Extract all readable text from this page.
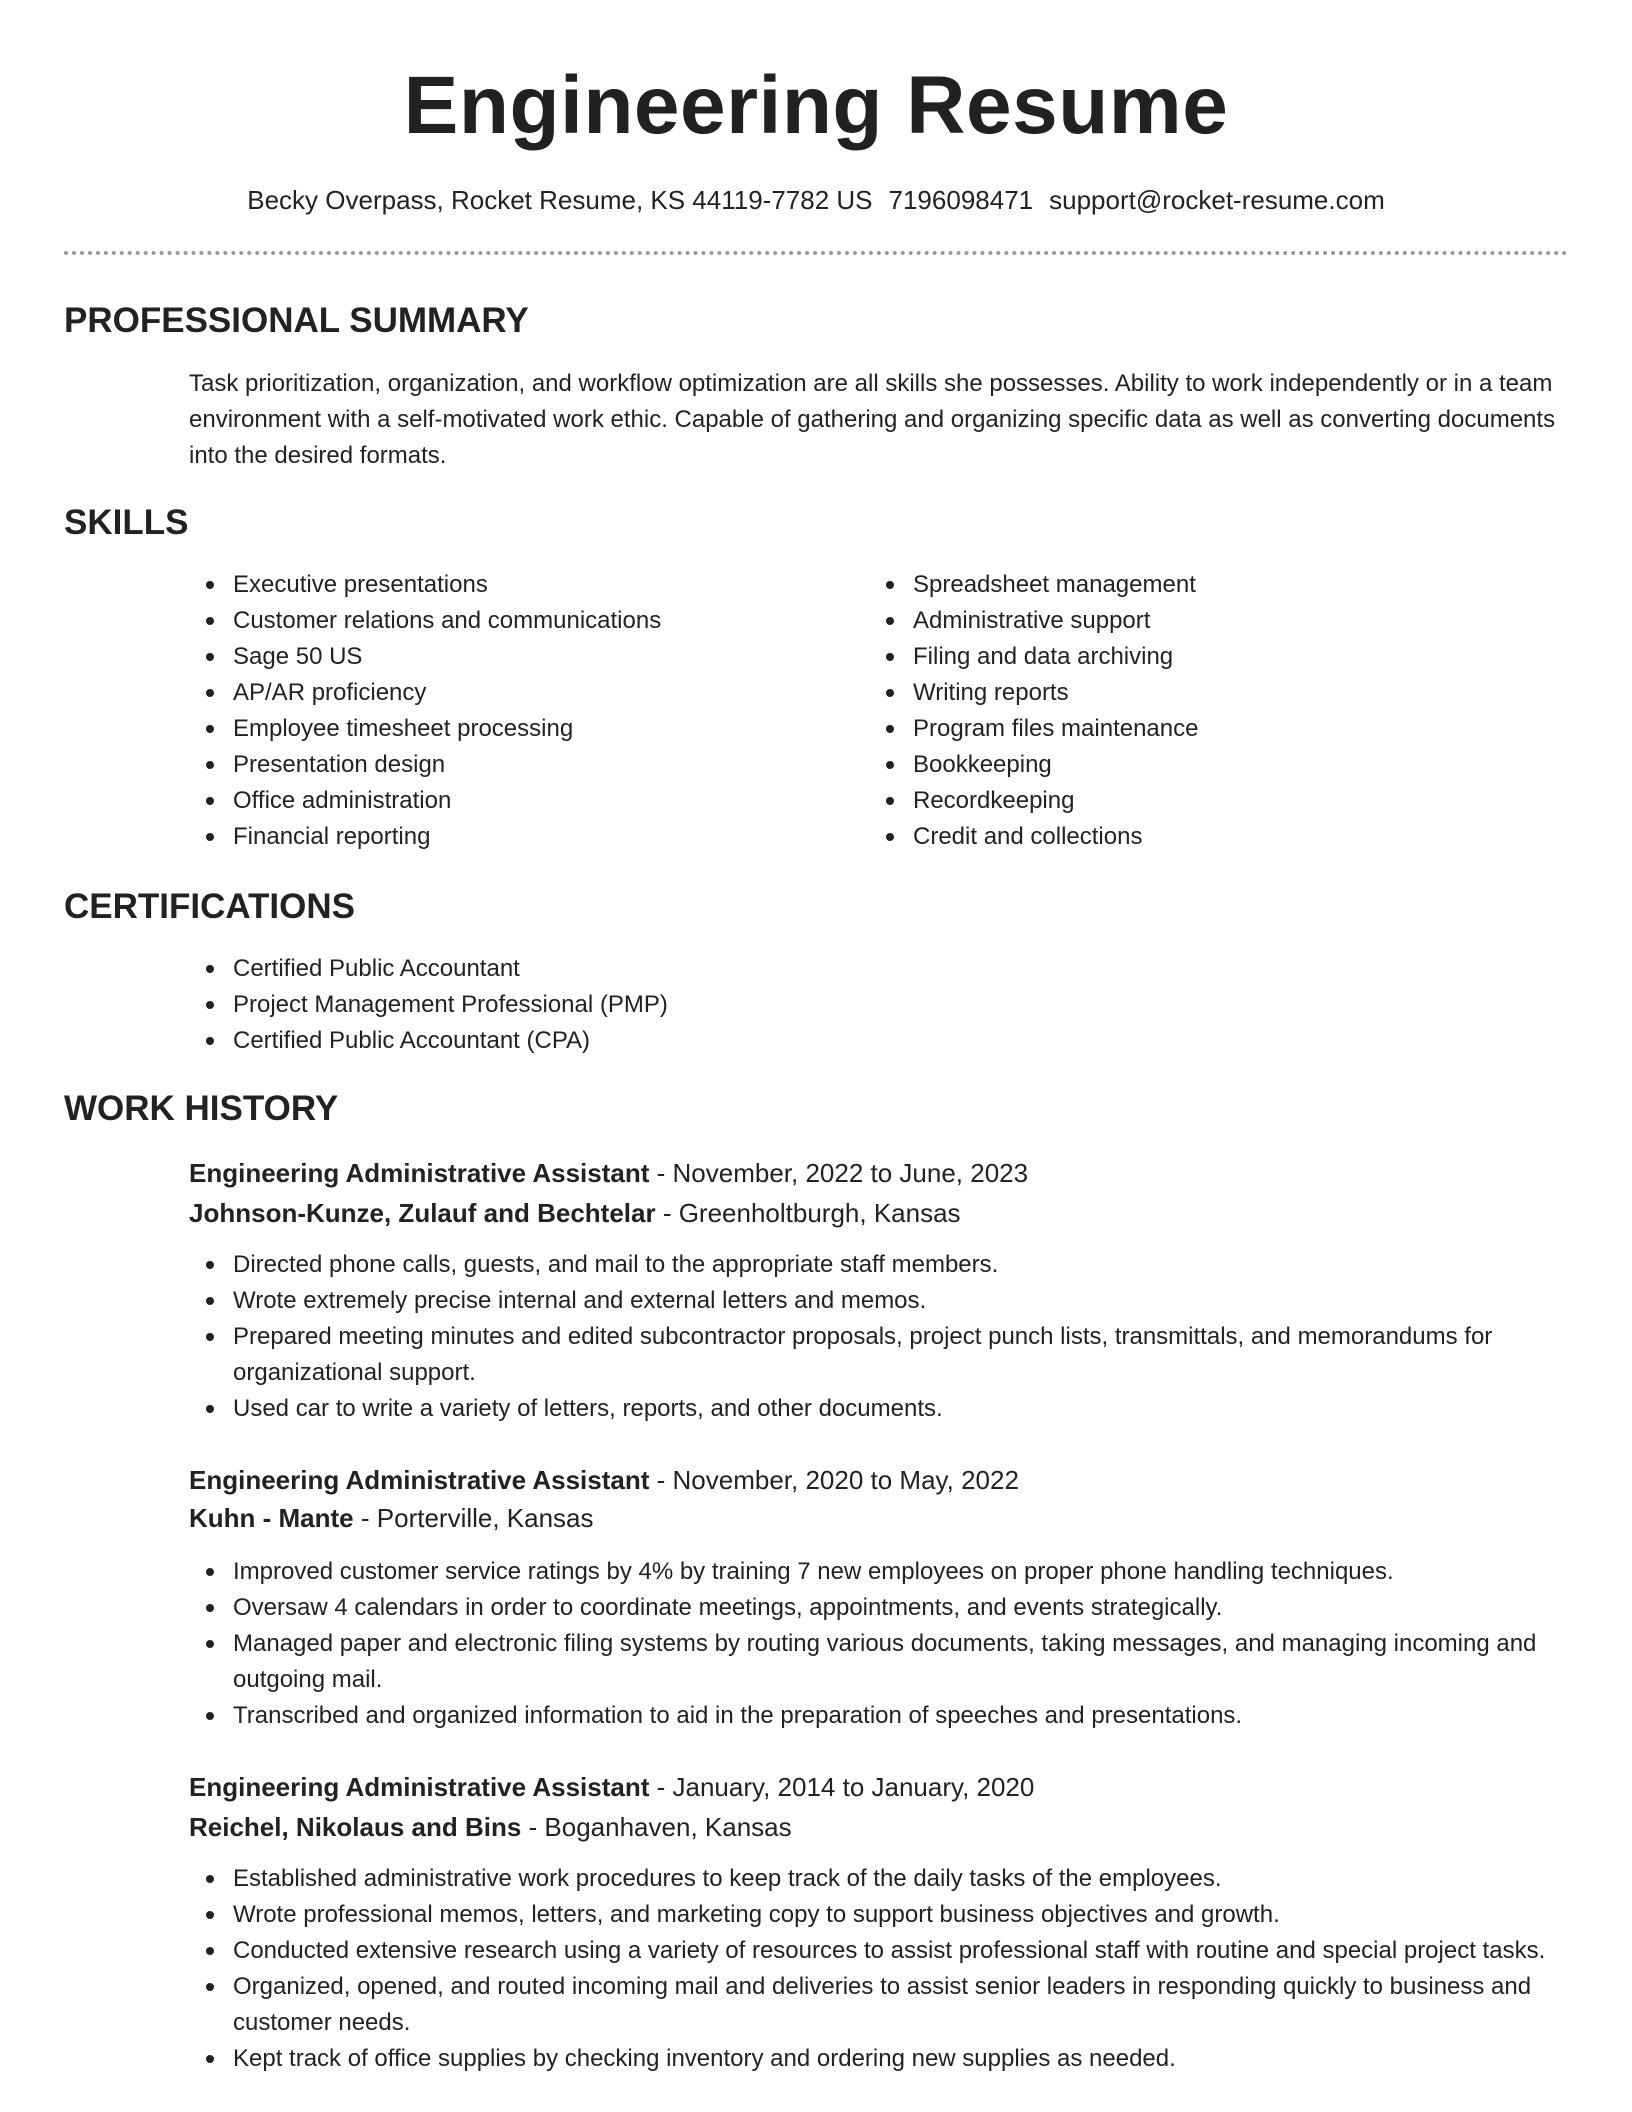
Engineering Resume
Becky Overpass, Rocket Resume, KS 44119-7782 US 7196098471 support@rocket-resume.com
PROFESSIONAL SUMMARY

Task prioritization, organization, and workflow optimization are all skills she possesses. Ability to work independently or in a team environment with a self-motivated work ethic. Capable of gathering and organizing specific data as well as converting documents into the desired formats.

SKILLS
Executive presentations
Customer relations and communications
Sage 50 US
AP/AR proficiency
Employee timesheet processing
Presentation design
Office administration
Financial reporting
Spreadsheet management
Administrative support
Filing and data archiving
Writing reports
Program files maintenance
Bookkeeping
Recordkeeping
Credit and collections
CERTIFICATIONS
Certified Public Accountant
Project Management Professional (PMP)
Certified Public Accountant (CPA)
WORK HISTORY
Engineering Administrative Assistant - November, 2022 to June, 2023
Johnson-Kunze, Zulauf and Bechtelar - Greenholtburgh, Kansas
Directed phone calls, guests, and mail to the appropriate staff members.
Wrote extremely precise internal and external letters and memos.
Prepared meeting minutes and edited subcontractor proposals, project punch lists, transmittals, and memorandums for organizational support.
Used car to write a variety of letters, reports, and other documents.
Engineering Administrative Assistant - November, 2020 to May, 2022
Kuhn - Mante - Porterville, Kansas
Improved customer service ratings by 4% by training 7 new employees on proper phone handling techniques.
Oversaw 4 calendars in order to coordinate meetings, appointments, and events strategically.
Managed paper and electronic filing systems by routing various documents, taking messages, and managing incoming and outgoing mail.
Transcribed and organized information to aid in the preparation of speeches and presentations.
Engineering Administrative Assistant - January, 2014 to January, 2020
Reichel, Nikolaus and Bins - Boganhaven, Kansas
Established administrative work procedures to keep track of the daily tasks of the employees.
Wrote professional memos, letters, and marketing copy to support business objectives and growth.
Conducted extensive research using a variety of resources to assist professional staff with routine and special project tasks.
Organized, opened, and routed incoming mail and deliveries to assist senior leaders in responding quickly to business and customer needs.
Kept track of office supplies by checking inventory and ordering new supplies as needed.
